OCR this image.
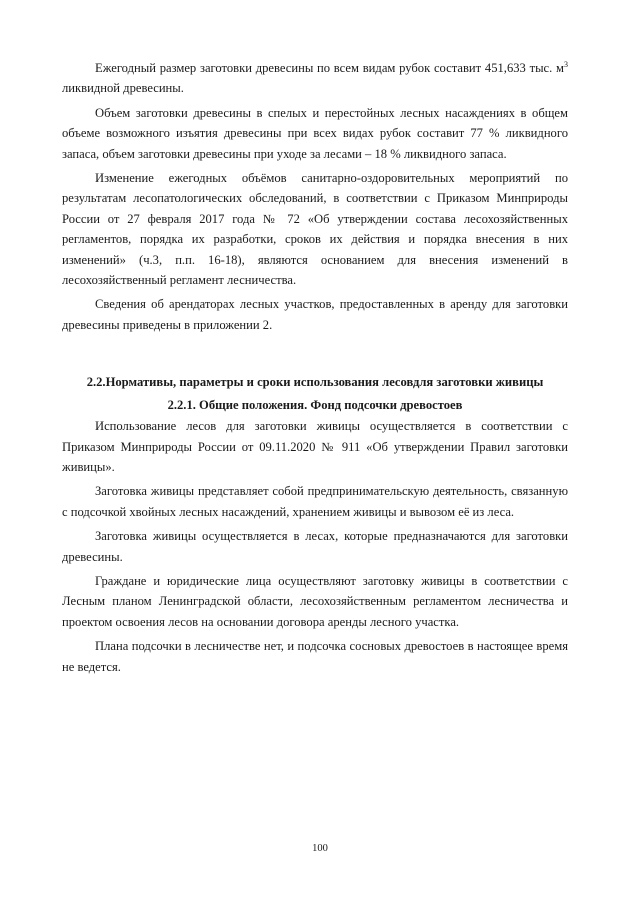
Ежегодный размер заготовки древесины по всем видам рубок составит 451,633 тыс. $м^3$ ликвидной древесины.

Объем заготовки древесины в спелых и перестойных лесных насаждениях в общем объеме возможного изъятия древесины при всех видах рубок составит 77 % ликвидного запаса, объем заготовки древесины при уходе за лесами – 18 % ликвидного запаса.

Изменение ежегодных объёмов санитарно-оздоровительных мероприятий по результатам лесопатологических обследований, в соответствии с Приказом Минприроды России от 27 февраля 2017 года № 72 «Об утверждении состава лесохозяйственных регламентов, порядка их разработки, сроков их действия и порядка внесения в них изменений» (ч.3, п.п. 16-18), являются основанием для внесения изменений в лесохозяйственный регламент лесничества.

Сведения об арендаторах лесных участков, предоставленных в аренду для заготовки древесины приведены в приложении 2.

2.2.Нормативы, параметры и сроки использования лесовдля заготовки живицы

2.2.1. Общие положения. Фонд подсочки древостоев

Использование лесов для заготовки живицы осуществляется в соответствии с Приказом Минприроды России от 09.11.2020 № 911 «Об утверждении Правил заготовки живицы».

Заготовка живицы представляет собой предпринимательскую деятельность, связанную с подсочкой хвойных лесных насаждений, хранением живицы и вывозом её из леса.

Заготовка живицы осуществляется в лесах, которые предназначаются для заготовки древесины.

Граждане и юридические лица осуществляют заготовку живицы в соответствии с Лесным планом Ленинградской области, лесохозяйственным регламентом лесничества и проектом освоения лесов на основании договора аренды лесного участка.

Плана подсочки в лесничестве нет, и подсочка сосновых древостоев в настоящее время не ведется.

100
